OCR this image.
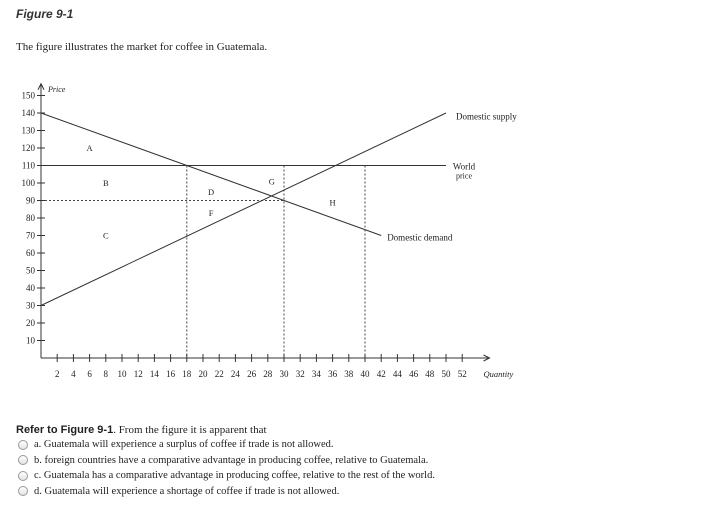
Figure 9-1
The figure illustrates the market for coffee in Guatemala.
10
20
30
40
50
60
70
80
90
100
110
120
130
140
150
2 4 6 8 10 12 14 16 18 20 22 24 26 28 30 32 34 36 38 40 42 44 46 48 50 52
Price
Quantity
Domestic supply
Domestic demand
World
price
A
B
C
D
F
G
H
Refer to Figure 9-1. From the figure it is apparent that
a. Guatemala will experience a surplus of coffee if trade is not allowed.
b. foreign countries have a comparative advantage in producing coffee, relative to Guatemala.
c. Guatemala has a comparative advantage in producing coffee, relative to the rest of the world.
d. Guatemala will experience a shortage of coffee if trade is not allowed.
